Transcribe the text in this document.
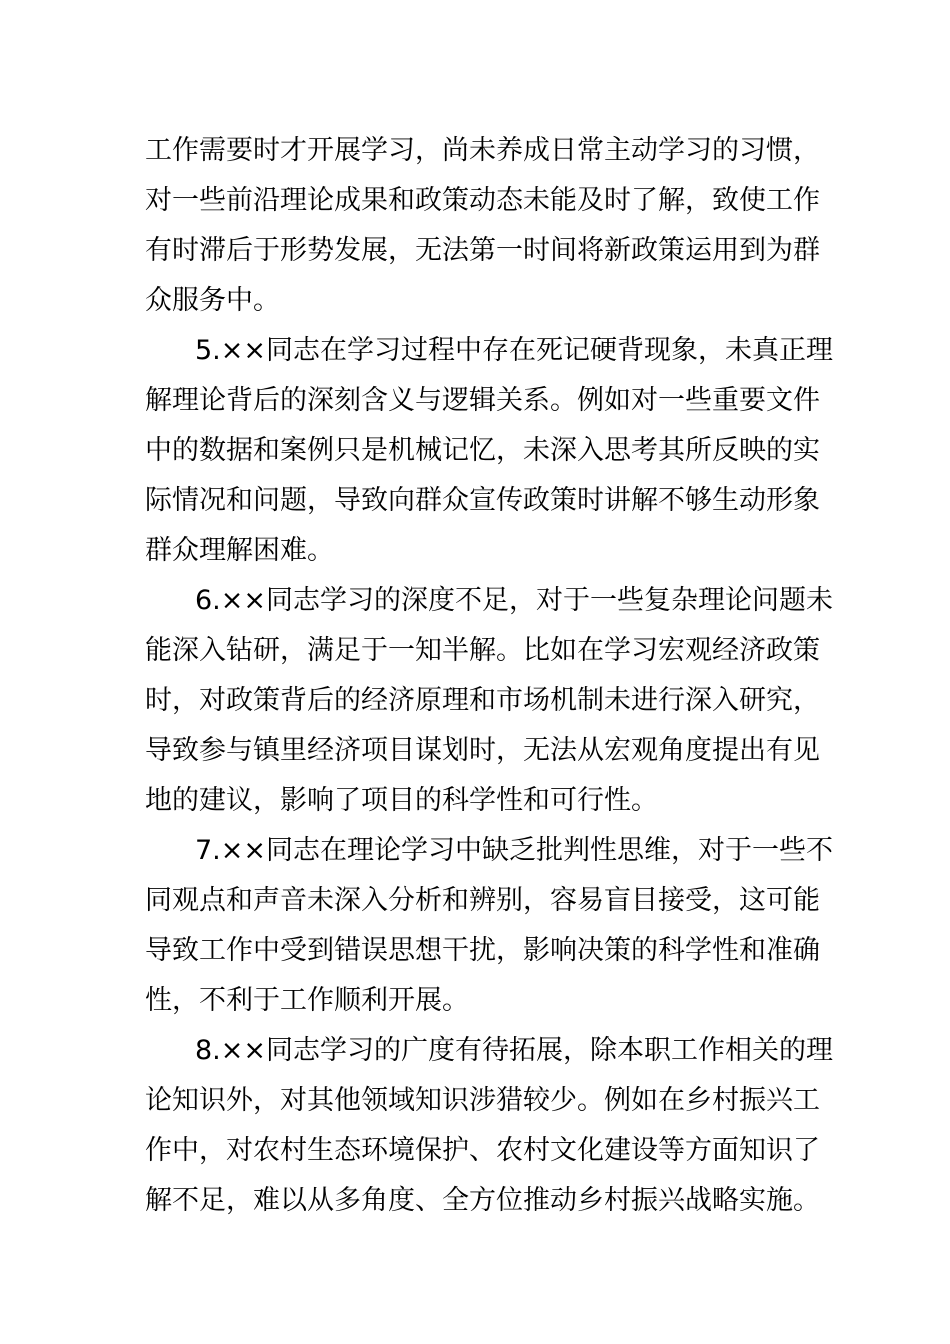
工作需要时才开展学习，尚未养成日常主动学习的习惯，
对一些前沿理论成果和政策动态未能及时了解，致使工作
有时滞后于形势发展，无法第一时间将新政策运用到为群
众服务中。
5.××同志在学习过程中存在死记硬背现象，未真正理
解理论背后的深刻含义与逻辑关系。例如对一些重要文件
中的数据和案例只是机械记忆，未深入思考其所反映的实
际情况和问题，导致向群众宣传政策时讲解不够生动形象
群众理解困难。
6.××同志学习的深度不足，对于一些复杂理论问题未
能深入钻研，满足于一知半解。比如在学习宏观经济政策
时，对政策背后的经济原理和市场机制未进行深入研究，
导致参与镇里经济项目谋划时，无法从宏观角度提出有见
地的建议，影响了项目的科学性和可行性。
7.××同志在理论学习中缺乏批判性思维，对于一些不
同观点和声音未深入分析和辨别，容易盲目接受，这可能
导致工作中受到错误思想干扰，影响决策的科学性和准确
性，不利于工作顺利开展。
8.××同志学习的广度有待拓展，除本职工作相关的理
论知识外，对其他领域知识涉猎较少。例如在乡村振兴工
作中，对农村生态环境保护、农村文化建设等方面知识了
解不足，难以从多角度、全方位推动乡村振兴战略实施。
